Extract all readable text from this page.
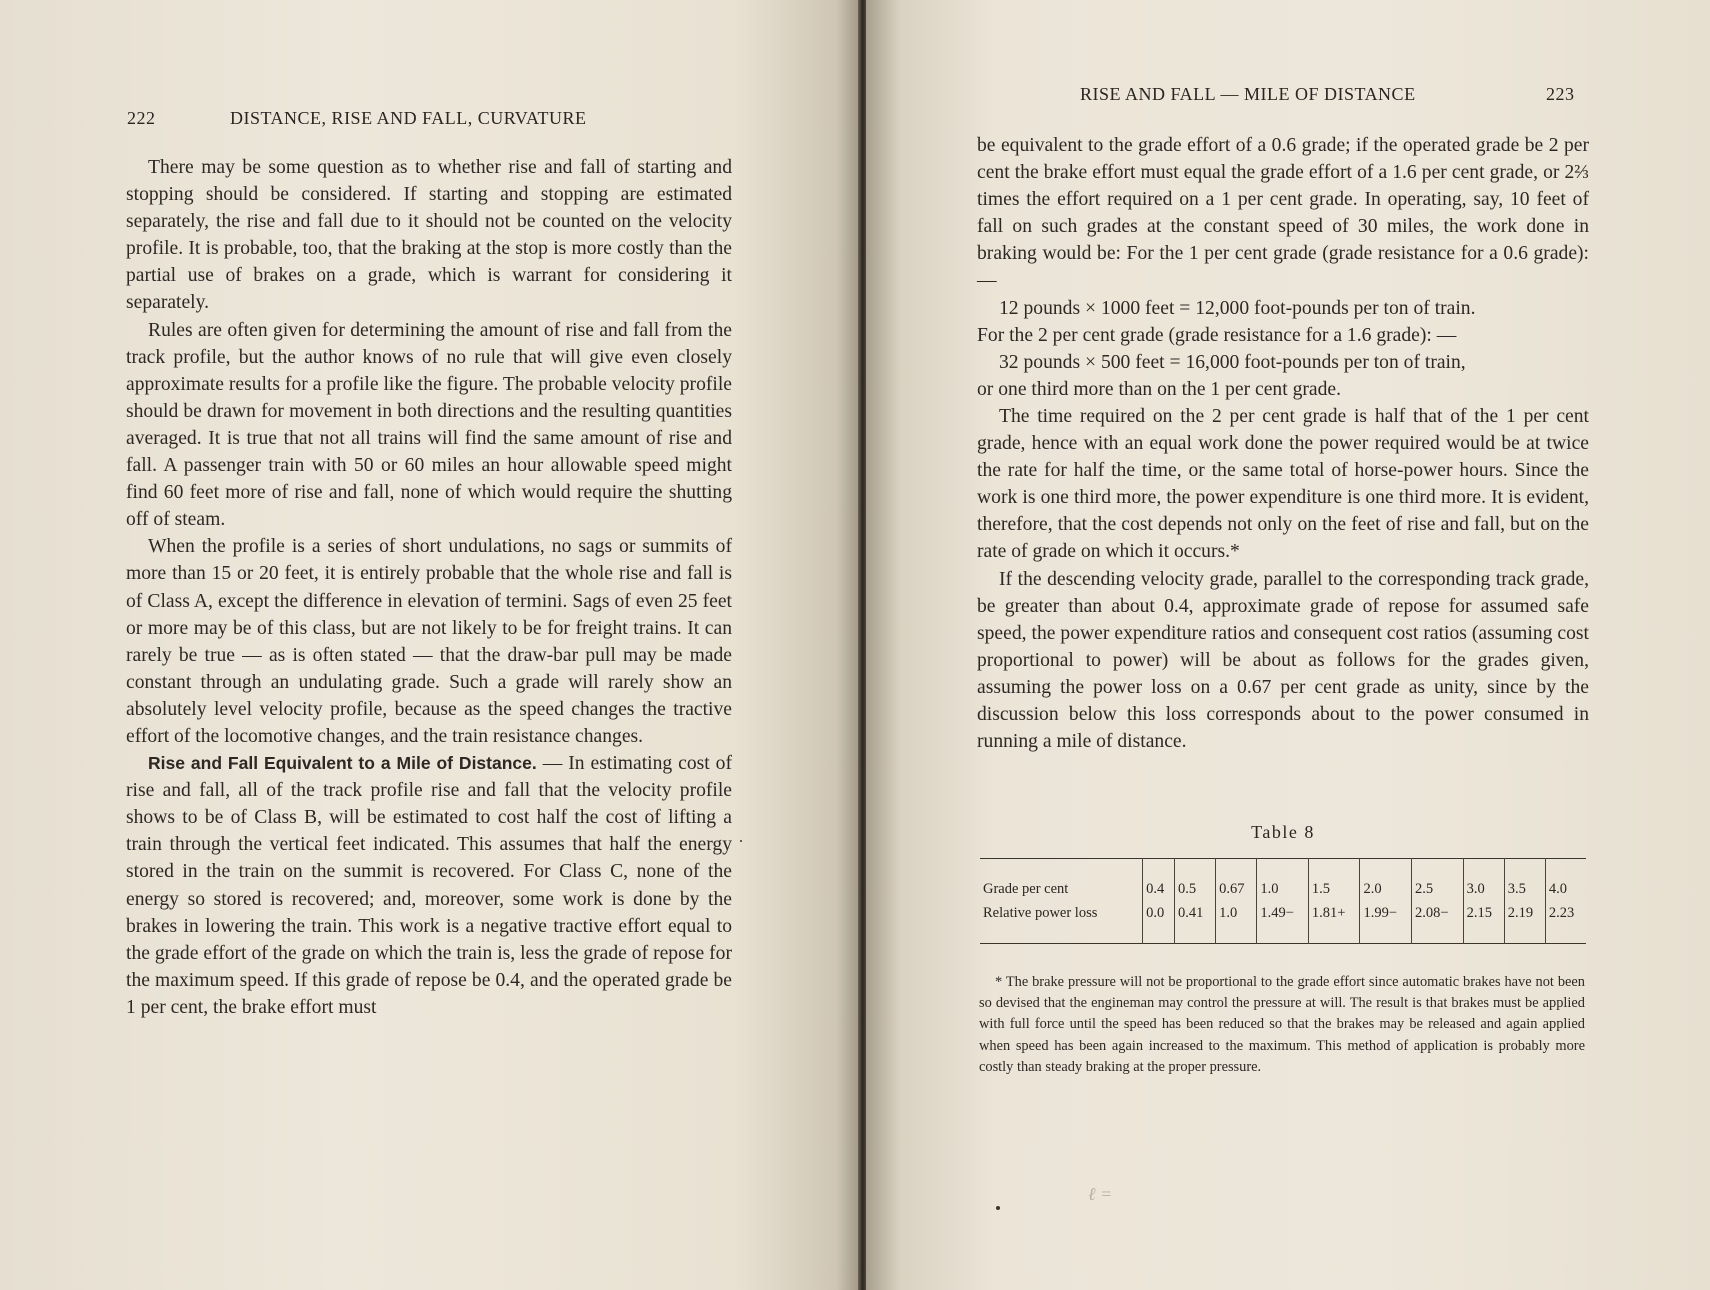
222	DISTANCE, RISE AND FALL, CURVATURE

There may be some question as to whether rise and fall of starting and stopping should be considered. If starting and stopping are estimated separately, the rise and fall due to it should not be counted on the velocity profile. It is probable, too, that the braking at the stop is more costly than the partial use of brakes on a grade, which is warrant for considering it separately.

Rules are often given for determining the amount of rise and fall from the track profile, but the author knows of no rule that will give even closely approximate results for a profile like the figure. The probable velocity profile should be drawn for movement in both directions and the resulting quantities averaged. It is true that not all trains will find the same amount of rise and fall. A passenger train with 50 or 60 miles an hour allowable speed might find 60 feet more of rise and fall, none of which would require the shutting off of steam.

When the profile is a series of short undulations, no sags or summits of more than 15 or 20 feet, it is entirely probable that the whole rise and fall is of Class A, except the difference in elevation of termini. Sags of even 25 feet or more may be of this class, but are not likely to be for freight trains. It can rarely be true — as is often stated — that the draw-bar pull may be made constant through an undulating grade. Such a grade will rarely show an absolutely level velocity profile, because as the speed changes the tractive effort of the locomotive changes, and the train resistance changes.

Rise and Fall Equivalent to a Mile of Distance. — In estimating cost of rise and fall, all of the track profile rise and fall that the velocity profile shows to be of Class B, will be estimated to cost half the cost of lifting a train through the vertical feet indicated. This assumes that half the energy stored in the train on the summit is recovered. For Class C, none of the energy so stored is recovered; and, moreover, some work is done by the brakes in lowering the train. This work is a negative tractive effort equal to the grade effort of the grade on which the train is, less the grade of repose for the maximum speed. If this grade of repose be 0.4, and the operated grade be 1 per cent, the brake effort must

RISE AND FALL — MILE OF DISTANCE	223

be equivalent to the grade effort of a 0.6 grade; if the operated grade be 2 per cent the brake effort must equal the grade effort of a 1.6 per cent grade, or 2⅔ times the effort required on a 1 per cent grade. In operating, say, 10 feet of fall on such grades at the constant speed of 30 miles, the work done in braking would be: For the 1 per cent grade (grade resistance for a 0.6 grade): —

12 pounds × 1000 feet = 12,000 foot-pounds per ton of train.

For the 2 per cent grade (grade resistance for a 1.6 grade): —

32 pounds × 500 feet = 16,000 foot-pounds per ton of train,

or one third more than on the 1 per cent grade.

The time required on the 2 per cent grade is half that of the 1 per cent grade, hence with an equal work done the power required would be at twice the rate for half the time, or the same total of horse-power hours. Since the work is one third more, the power expenditure is one third more. It is evident, therefore, that the cost depends not only on the feet of rise and fall, but on the rate of grade on which it occurs.*

If the descending velocity grade, parallel to the corresponding track grade, be greater than about 0.4, approximate grade of repose for assumed safe speed, the power expenditure ratios and consequent cost ratios (assuming cost proportional to power) will be about as follows for the grades given, assuming the power loss on a 0.67 per cent grade as unity, since by the discussion below this loss corresponds about to the power consumed in running a mile of distance.

Table 8
Grade per cent	0.4	0.5	0.67	1.0	1.5	2.0	2.5	3.0	3.5	4.0
Relative power loss	0.0	0.41	1.0	1.49−	1.81+	1.99−	2.08−	2.15	2.19	2.23

* The brake pressure will not be proportional to the grade effort since automatic brakes have not been so devised that the engineman may control the pressure at will. The result is that brakes must be applied with full force until the speed has been reduced so that the brakes may be released and again applied when speed has been again increased to the maximum. This method of application is probably more costly than steady braking at the proper pressure.

ℓ =
